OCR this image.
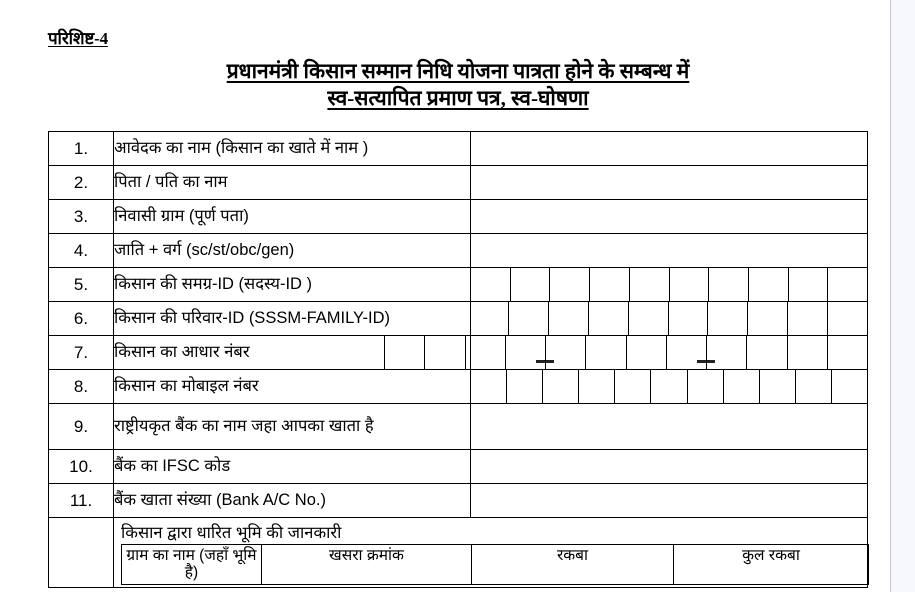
परिशिष्ट-4
प्रधानमंत्री किसान सम्मान निधि योजना पात्रता होने के सम्बन्ध में
स्व-सत्यापित प्रमाण पत्र, स्व-घोषणा
1.	आवेदक का नाम (किसान का खाते में नाम )	
2.	पिता / पति का नाम	
3.	निवासी ग्राम (पूर्ण पता)	
4.	जाति + वर्ग (sc/st/obc/gen)	
5.	किसान की समग्र-ID (सदस्य-ID )	

6.	किसान की परिवार-ID (SSSM-FAMILY-ID)	

7.	किसान का आधार नंबर	

8.	किसान का मोबाइल नंबर	

9.	राष्ट्रीयकृत बैंक का नाम जहा आपका खाता है	
10.	बैंक का IFSC कोड	
11.	बैंक खाता संख्या (Bank A/C No.)	

किसान द्वारा धारित भूमि की जानकारी
ग्राम का नाम (जहाँ भूमि है)	खसरा क्रमांक	रकबा	कुल रकबा
